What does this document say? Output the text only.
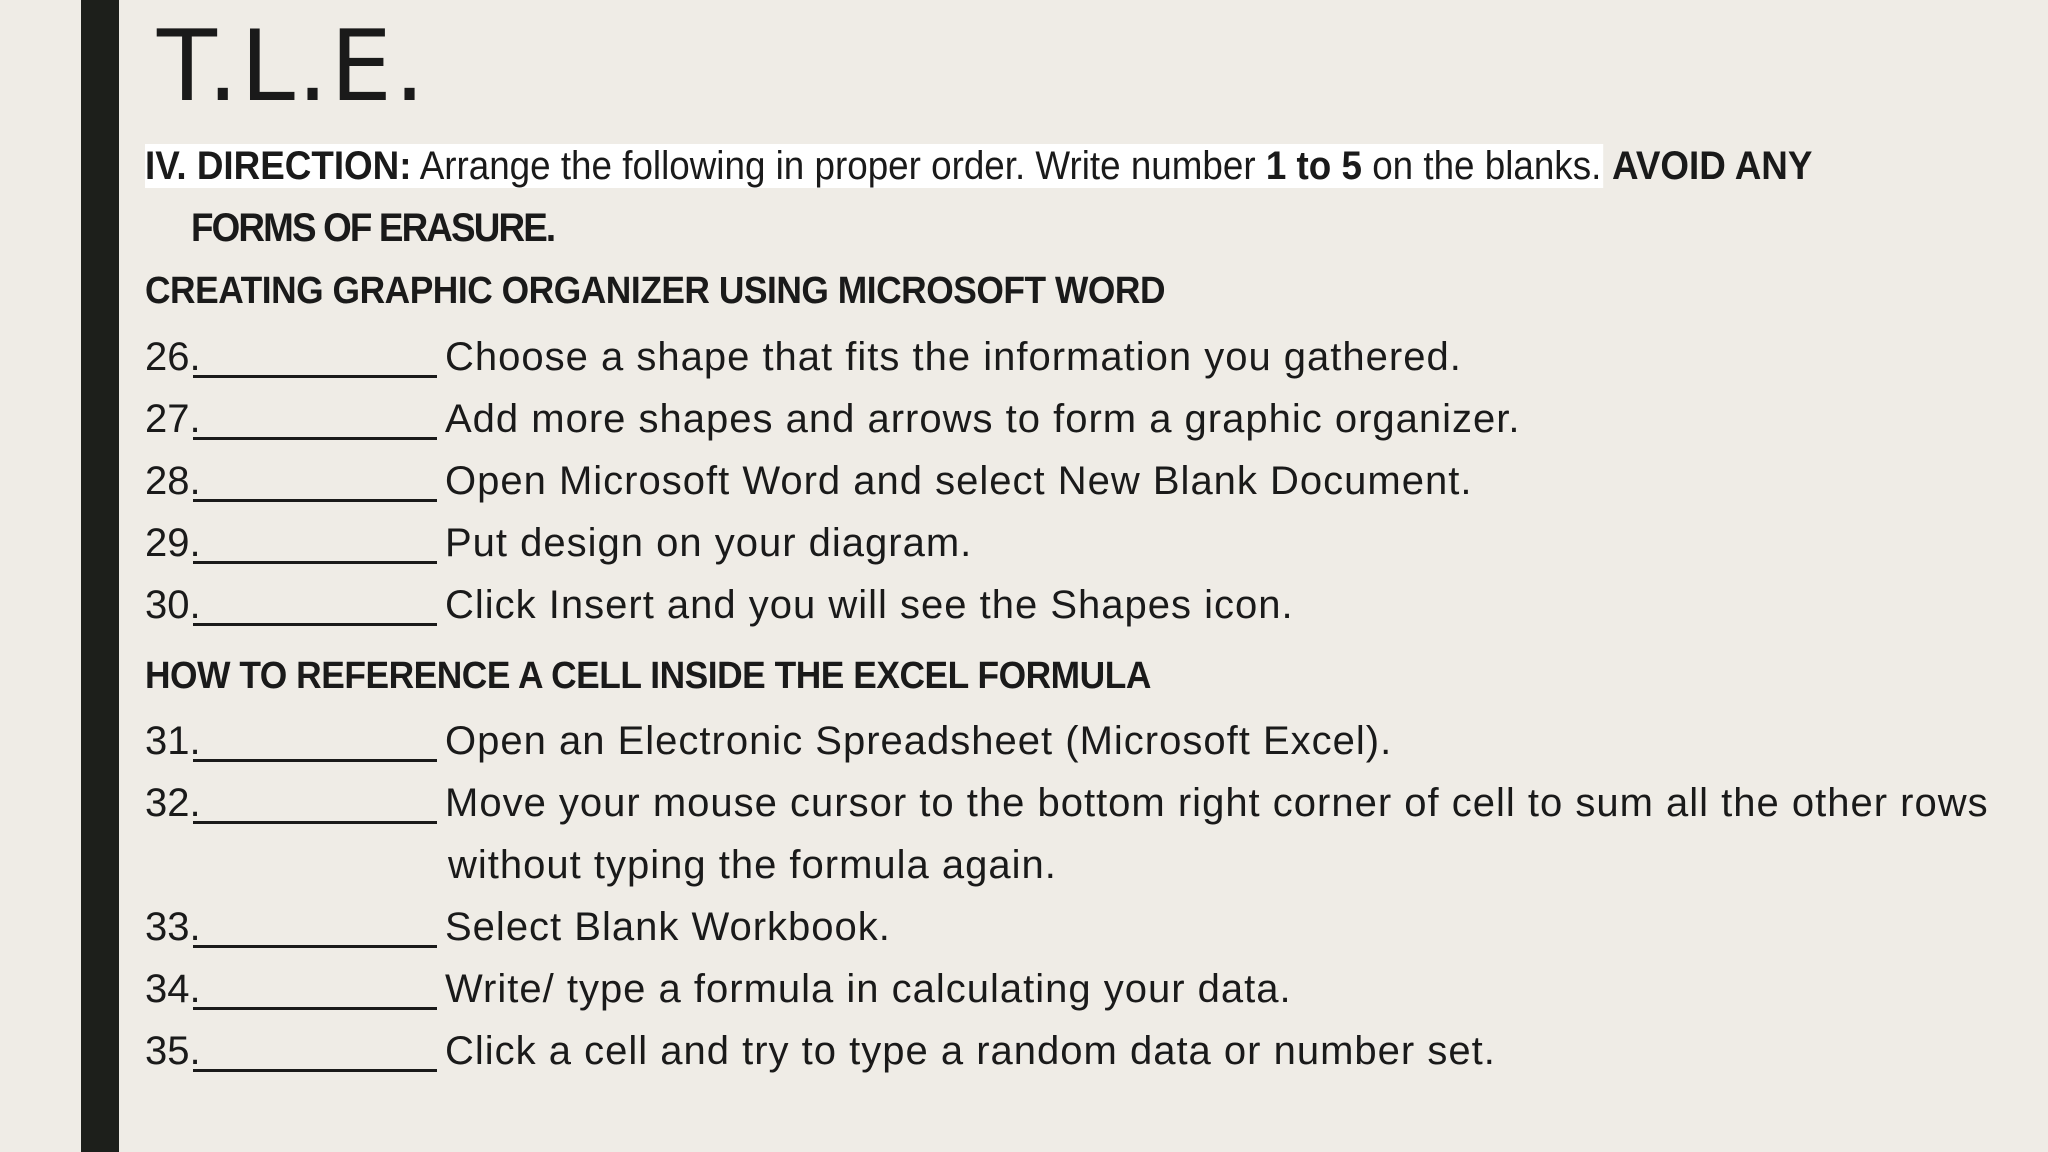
T.L.E.
IV. DIRECTION: Arrange the following in proper order. Write number 1 to 5 on the blanks. AVOID ANY
FORMS OF ERASURE.
CREATING GRAPHIC ORGANIZER USING MICROSOFT WORD
26.	Choose a shape that fits the information you gathered.
27.	Add more shapes and arrows to form a graphic organizer.
28.	Open Microsoft Word and select New Blank Document.
29.	Put design on your diagram.
30.	Click Insert and you will see the Shapes icon.
HOW TO REFERENCE A CELL INSIDE THE EXCEL FORMULA
31.	Open an Electronic Spreadsheet (Microsoft Excel).
32.	Move your mouse cursor to the bottom right corner of cell to sum all the other rows
without typing the formula again.
33.	Select Blank Workbook.
34.	Write/ type a formula in calculating your data.
35.	Click a cell and try to type a random data or number set.
